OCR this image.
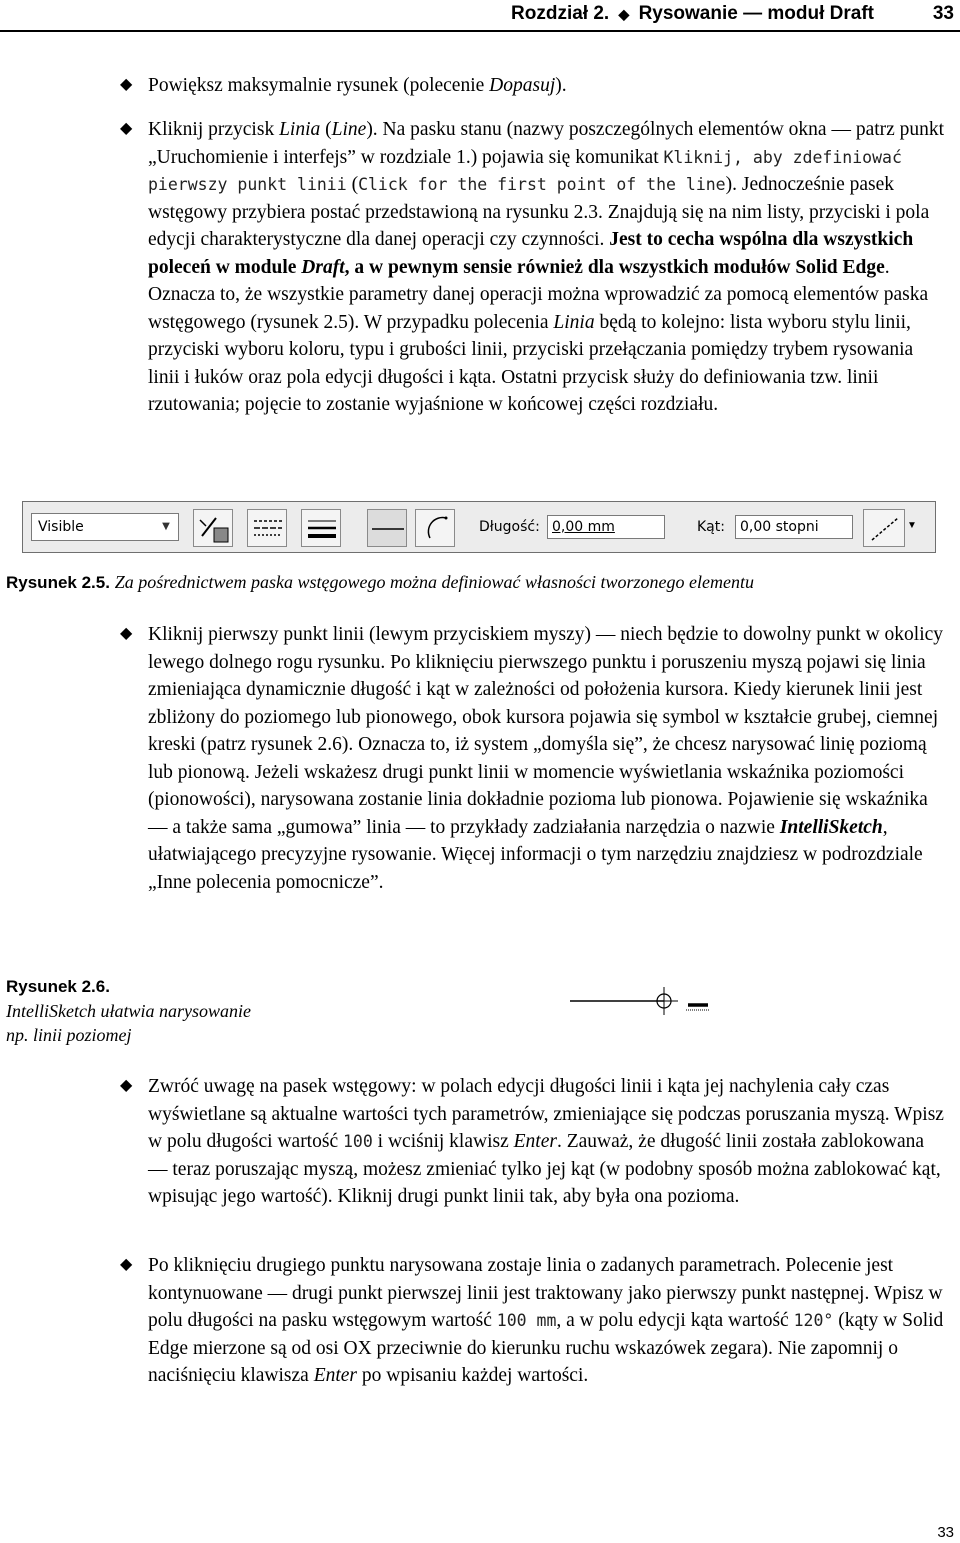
Rozdział 2. ◆ Rysowanie — moduł Draft	33
◆ Powiększ maksymalnie rysunek (polecenie Dopasuj).
◆ Kliknij przycisk Linia (Line). Na pasku stanu (nazwy poszczególnych elementów okna — patrz punkt „Uruchomienie i interfejs” w rozdziale 1.) pojawia się komunikat Kliknij, aby zdefiniować pierwszy punkt linii (Click for the first point of the line). Jednocześnie pasek wstęgowy przybiera postać przedstawioną na rysunku 2.3. Znajdują się na nim listy, przyciski i pola edycji charakterystyczne dla danej operacji czy czynności. Jest to cecha wspólna dla wszystkich poleceń w module Draft, a w pewnym sensie również dla wszystkich modułów Solid Edge. Oznacza to, że wszystkie parametry danej operacji można wprowadzić za pomocą elementów paska wstęgowego (rysunek 2.5). W przypadku polecenia Linia będą to kolejno: lista wyboru stylu linii, przyciski wyboru koloru, typu i grubości linii, przyciski przełączania pomiędzy trybem rysowania linii i łuków oraz pola edycji długości i kąta. Ostatni przycisk służy do definiowania tzw. linii rzutowania; pojęcie to zostanie wyjaśnione w końcowej części rozdziału.
Visible	▼	Długość: 0,00 mm	Kąt: 0,00 stopni	▼
Rysunek 2.5. Za pośrednictwem paska wstęgowego można definiować własności tworzonego elementu
◆ Kliknij pierwszy punkt linii (lewym przyciskiem myszy) — niech będzie to dowolny punkt w okolicy lewego dolnego rogu rysunku. Po kliknięciu pierwszego punktu i poruszeniu myszą pojawi się linia zmieniająca dynamicznie długość i kąt w zależności od położenia kursora. Kiedy kierunek linii jest zbliżony do poziomego lub pionowego, obok kursora pojawia się symbol w kształcie grubej, ciemnej kreski (patrz rysunek 2.6). Oznacza to, iż system „domyśla się”, że chcesz narysować linię poziomą lub pionową. Jeżeli wskażesz drugi punkt linii w momencie wyświetlania wskaźnika poziomości (pionowości), narysowana zostanie linia dokładnie pozioma lub pionowa. Pojawienie się wskaźnika — a także sama „gumowa” linia — to przykłady zadziałania narzędzia o nazwie IntelliSketch, ułatwiającego precyzyjne rysowanie. Więcej informacji o tym narzędziu znajdziesz w podrozdziale „Inne polecenia pomocnicze”.
Rysunek 2.6.
IntelliSketch ułatwia narysowanie
np. linii poziomej
◆ Zwróć uwagę na pasek wstęgowy: w polach edycji długości linii i kąta jej nachylenia cały czas wyświetlane są aktualne wartości tych parametrów, zmieniające się podczas poruszania myszą. Wpisz w polu długości wartość 100 i wciśnij klawisz Enter. Zauważ, że długość linii została zablokowana — teraz poruszając myszą, możesz zmieniać tylko jej kąt (w podobny sposób można zablokować kąt, wpisując jego wartość). Kliknij drugi punkt linii tak, aby była ona pozioma.
◆ Po kliknięciu drugiego punktu narysowana zostaje linia o zadanych parametrach. Polecenie jest kontynuowane — drugi punkt pierwszej linii jest traktowany jako pierwszy punkt następnej. Wpisz w polu długości na pasku wstęgowym wartość 100 mm, a w polu edycji kąta wartość 120° (kąty w Solid Edge mierzone są od osi OX przeciwnie do kierunku ruchu wskazówek zegara). Nie zapomnij o naciśnięciu klawisza Enter po wpisaniu każdej wartości.
33
